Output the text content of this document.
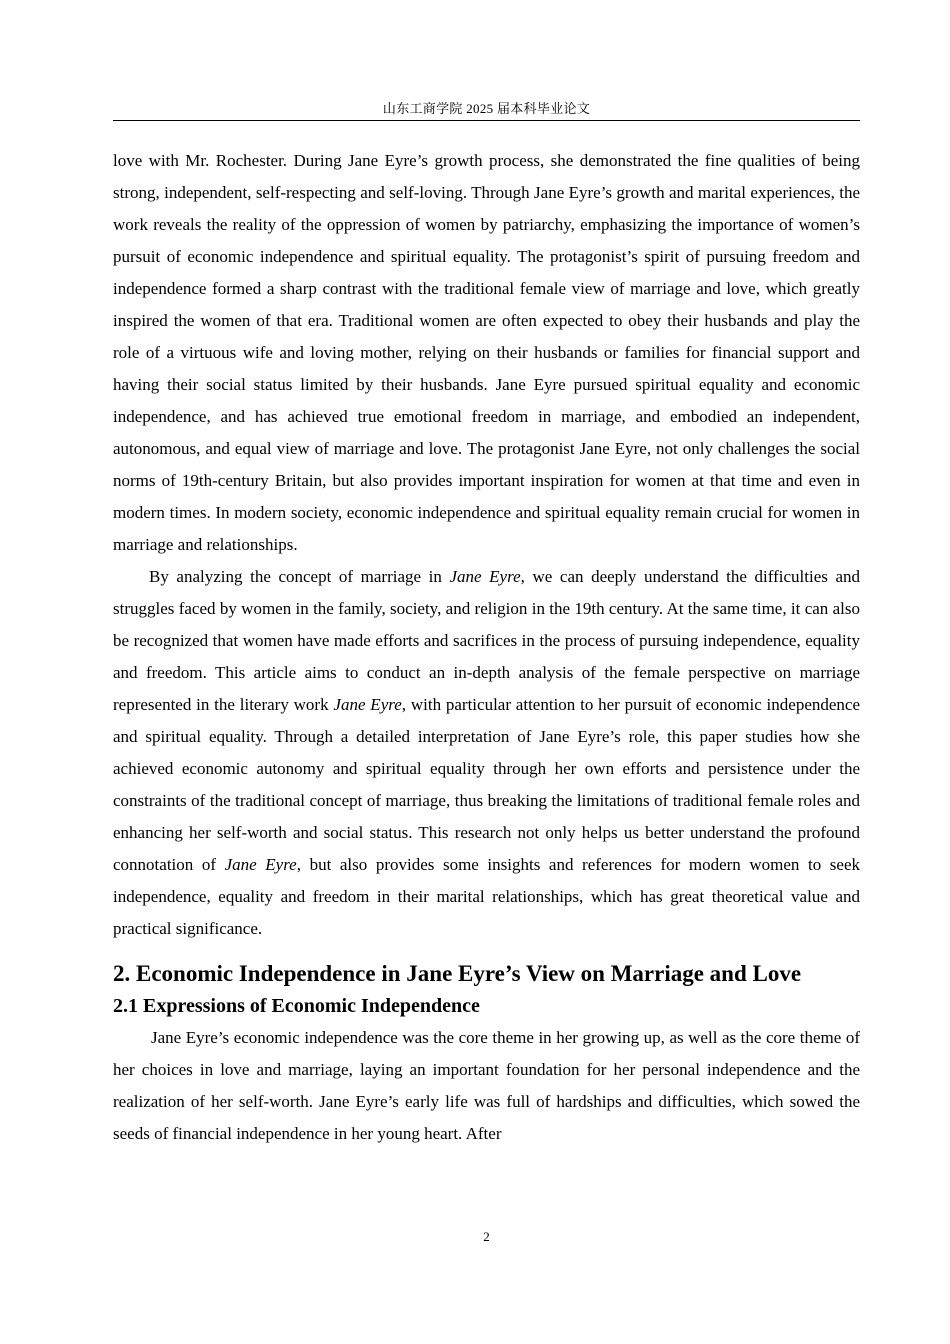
山东工商学院 2025 届本科毕业论文

love with Mr. Rochester. During Jane Eyre’s growth process, she demonstrated the fine qualities of being strong, independent, self-respecting and self-loving. Through Jane Eyre’s growth and marital experiences, the work reveals the reality of the oppression of women by patriarchy, emphasizing the importance of women’s pursuit of economic independence and spiritual equality. The protagonist’s spirit of pursuing freedom and independence formed a sharp contrast with the traditional female view of marriage and love, which greatly inspired the women of that era. Traditional women are often expected to obey their husbands and play the role of a virtuous wife and loving mother, relying on their husbands or families for financial support and having their social status limited by their husbands. Jane Eyre pursued spiritual equality and economic independence, and has achieved true emotional freedom in marriage, and embodied an independent, autonomous, and equal view of marriage and love. The protagonist Jane Eyre, not only challenges the social norms of 19th-century Britain, but also provides important inspiration for women at that time and even in modern times. In modern society, economic independence and spiritual equality remain crucial for women in marriage and relationships.

By analyzing the concept of marriage in Jane Eyre, we can deeply understand the difficulties and struggles faced by women in the family, society, and religion in the 19th century. At the same time, it can also be recognized that women have made efforts and sacrifices in the process of pursuing independence, equality and freedom. This article aims to conduct an in-depth analysis of the female perspective on marriage represented in the literary work Jane Eyre, with particular attention to her pursuit of economic independence and spiritual equality. Through a detailed interpretation of Jane Eyre’s role, this paper studies how she achieved economic autonomy and spiritual equality through her own efforts and persistence under the constraints of the traditional concept of marriage, thus breaking the limitations of traditional female roles and enhancing her self-worth and social status. This research not only helps us better understand the profound connotation of Jane Eyre, but also provides some insights and references for modern women to seek independence, equality and freedom in their marital relationships, which has great theoretical value and practical significance.

2. Economic Independence in Jane Eyre’s View on Marriage and Love
2.1 Expressions of Economic Independence

Jane Eyre’s economic independence was the core theme in her growing up, as well as the core theme of her choices in love and marriage, laying an important foundation for her personal independence and the realization of her self-worth. Jane Eyre’s early life was full of hardships and difficulties, which sowed the seeds of financial independence in her young heart. After

2
